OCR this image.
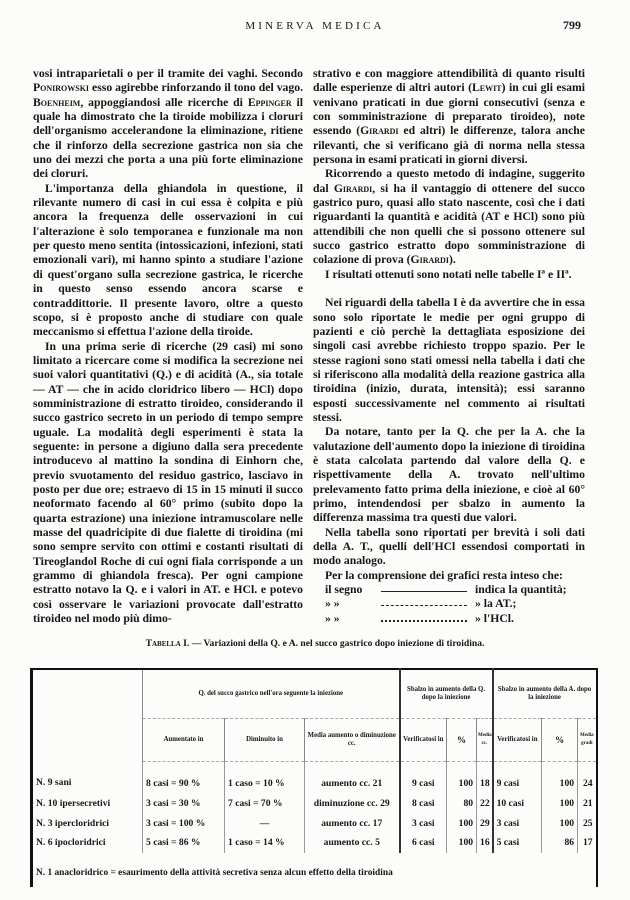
MINERVA MEDICA	799

vosi intraparietali o per il tramite dei vaghi. Secondo Ponirowski esso agirebbe rinforzando il tono del vago. Boenheim, appoggiandosi alle ricerche di Eppinger il quale ha dimostrato che la tiroide mobilizza i cloruri dell'organismo accelerandone la eliminazione, ritiene che il rinforzo della secrezione gastrica non sia che uno dei mezzi che porta a una più forte eliminazione dei cloruri.

L'importanza della ghiandola in questione, il rilevante numero di casi in cui essa è colpita e più ancora la frequenza delle osservazioni in cui l'alterazione è solo temporanea e funzionale ma non per questo meno sentita (intossicazioni, infezioni, stati emozionali vari), mi hanno spinto a studiare l'azione di quest'organo sulla secrezione gastrica, le ricerche in questo senso essendo ancora scarse e contraddittorie. Il presente lavoro, oltre a questo scopo, si è proposto anche di studiare con quale meccanismo si effettua l'azione della tiroide.

In una prima serie di ricerche (29 casi) mi sono limitato a ricercare come si modifica la secrezione nei suoi valori quantitativi (Q.) e di acidità (A., sia totale — AT — che in acido cloridrico libero — HCl) dopo somministrazione di estratto tiroideo, considerando il succo gastrico secreto in un periodo di tempo sempre uguale. La modalità degli esperimenti è stata la seguente: in persone a digiuno dalla sera precedente introducevo al mattino la sondina di Einhorn che, previo svuotamento del residuo gastrico, lasciavo in posto per due ore; estraevo di 15 in 15 minuti il succo neoformato facendo al 60° primo (subito dopo la quarta estrazione) una iniezione intramuscolare nelle masse del quadricipite di due fialette di tiroidina (mi sono sempre servito con ottimi e costanti risultati di Tireoglandol Roche di cui ogni fiala corrisponde a un grammo di ghiandola fresca). Per ogni campione estratto notavo la Q. e i valori in AT. e HCl. e potevo così osservare le variazioni provocate dall'estratto tiroideo nel modo più dimo-

strativo e con maggiore attendibilità di quanto risulti dalle esperienze di altri autori (Lewit) in cui gli esami venivano praticati in due giorni consecutivi (senza e con somministrazione di preparato tiroideo), note essendo (Girardi ed altri) le differenze, talora anche rilevanti, che si verificano già di norma nella stessa persona in esami praticati in giorni diversi.

Ricorrendo a questo metodo di indagine, suggerito dal Girardi, si ha il vantaggio di ottenere del succo gastrico puro, quasi allo stato nascente, così che i dati riguardanti la quantità e acidità (AT e HCl) sono più attendibili che non quelli che si possono ottenere sul succo gastrico estratto dopo somministrazione di colazione di prova (Girardi).

I risultati ottenuti sono notati nelle tabelle Iª e IIª.

Nei riguardi della tabella I è da avvertire che in essa sono solo riportate le medie per ogni gruppo di pazienti e ciò perchè la dettagliata esposizione dei singoli casi avrebbe richiesto troppo spazio. Per le stesse ragioni sono stati omessi nella tabella i dati che si riferiscono alla modalità della reazione gastrica alla tiroidina (inizio, durata, intensità); essi saranno esposti successivamente nel commento ai risultati stessi.

Da notare, tanto per la Q. che per la A. che la valutazione dell'aumento dopo la iniezione di tiroidina è stata calcolata partendo dal valore della Q. e rispettivamente della A. trovato nell'ultimo prelevamento fatto prima della iniezione, e cioè al 60° primo, intendendosi per sbalzo in aumento la differenza massima tra questi due valori.

Nella tabella sono riportati per brevità i soli dati della A. T., quelli dell'HCl essendosi comportati in modo analogo.

Per la comprensione dei grafici resta inteso che:

il segno	indica la quantità;
» »	» la AT.;
» »	» l'HCl.
Tabella I. — Variazioni della Q. e A. nel succo gastrico dopo iniezione di tiroidina.
	Q. del succo gastrico nell'ora seguente la iniezione			Sbalzo in aumento della Q. dopo la iniezione			Sbalzo in aumento della A. dopo la iniezione		
	Aumentato in	Diminuito in	Media aumento o diminuzione cc.	Verificatosi in	%	Media cc.	Verificatosi in	%	Media gradi
N. 9 sani	8 casi = 90 %	1 caso = 10 %	aumento cc. 21	9 casi	100	18	9 casi	100	24
N. 10 ipersecretivi	3 casi = 30 %	7 casi = 70 %	diminuzione cc. 29	8 casi	80	22	10 casi	100	21
N. 3 ipercloridrici	3 casi = 100 %	—	aumento cc. 17	3 casi	100	29	3 casi	100	25
N. 6 ipocloridrici	5 casi = 86 %	1 caso = 14 %	aumento cc. 5	6 casi	100	16	5 casi	86	17
N. 1 anacloridrico = esaurimento della attività secretiva senza alcun effetto della tiroidina									
